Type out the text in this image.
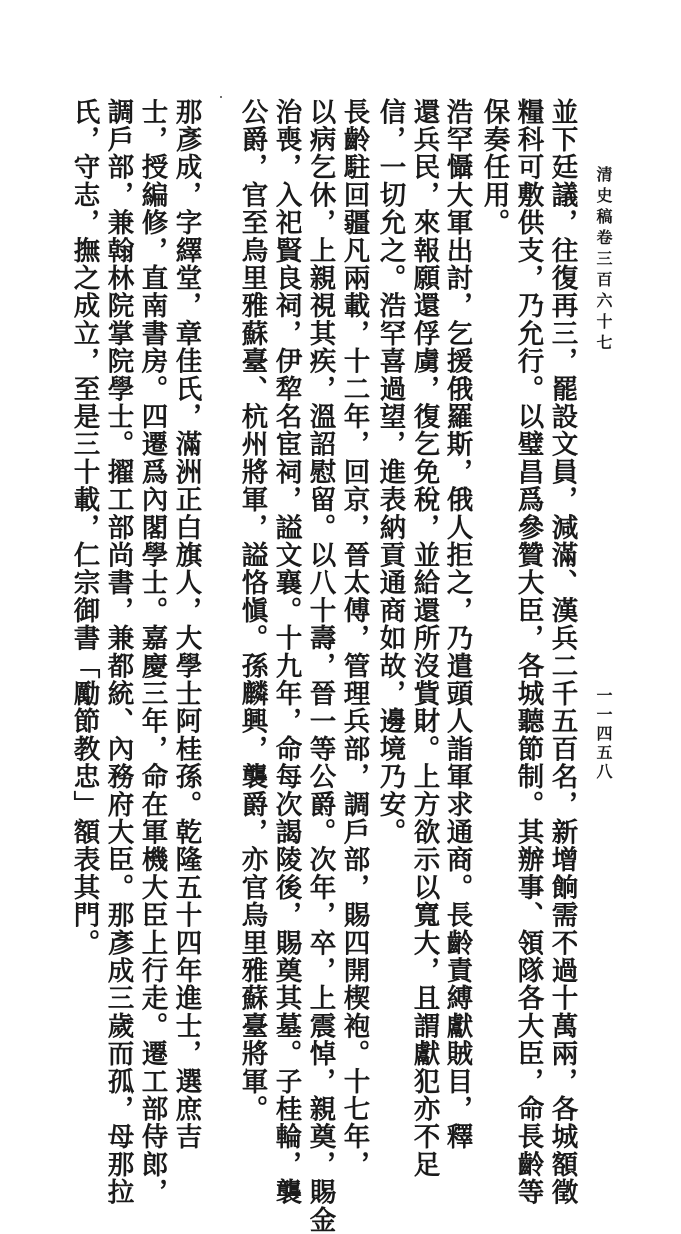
清史稿卷三百六十七
一一四五八
並下廷議，往復再三，罷設文員，減滿、漢兵二千五百名，新增餉需不過十萬兩，各城額徵
糧科可敷供支，乃允行。以璧昌爲參贊大臣，各城聽節制。其辦事、領隊各大臣，命長齡等
保奏任用。
浩罕懾大軍出討，乞援俄羅斯，俄人拒之，乃遣頭人詣軍求通商。長齡責縛獻賊目，釋
還兵民，來報願還俘虜，復乞免稅，並給還所沒貲財。上方欲示以寬大，且謂獻犯亦不足
信，一切允之。浩罕喜過望，進表納貢通商如故，邊境乃安。
長齡駐回疆凡兩載，十二年，回京，晉太傅，管理兵部，調戶部，賜四開楔袍。十七年，
以病乞休，上親視其疾，溫詔慰留。以八十壽，晉一等公爵。次年，卒，上震悼，親奠，賜金
治喪，入祀賢良祠，伊犂名宦祠，謚文襄。十九年，命每次謁陵後，賜奠其墓。子桂輪，襲
公爵，官至烏里雅蘇臺、杭州將軍，謚恪愼。孫麟興，襲爵，亦官烏里雅蘇臺將軍。
那彥成，字繹堂，章佳氏，滿洲正白旗人，大學士阿桂孫。乾隆五十四年進士，選庶吉
士，授編修，直南書房。四遷爲內閣學士。嘉慶三年，命在軍機大臣上行走。遷工部侍郎，
調戶部，兼翰林院掌院學士。擢工部尚書，兼都統、內務府大臣。那彥成三歲而孤，母那拉
氏，守志，撫之成立，至是三十載，仁宗御書「勵節教忠」額表其門。
